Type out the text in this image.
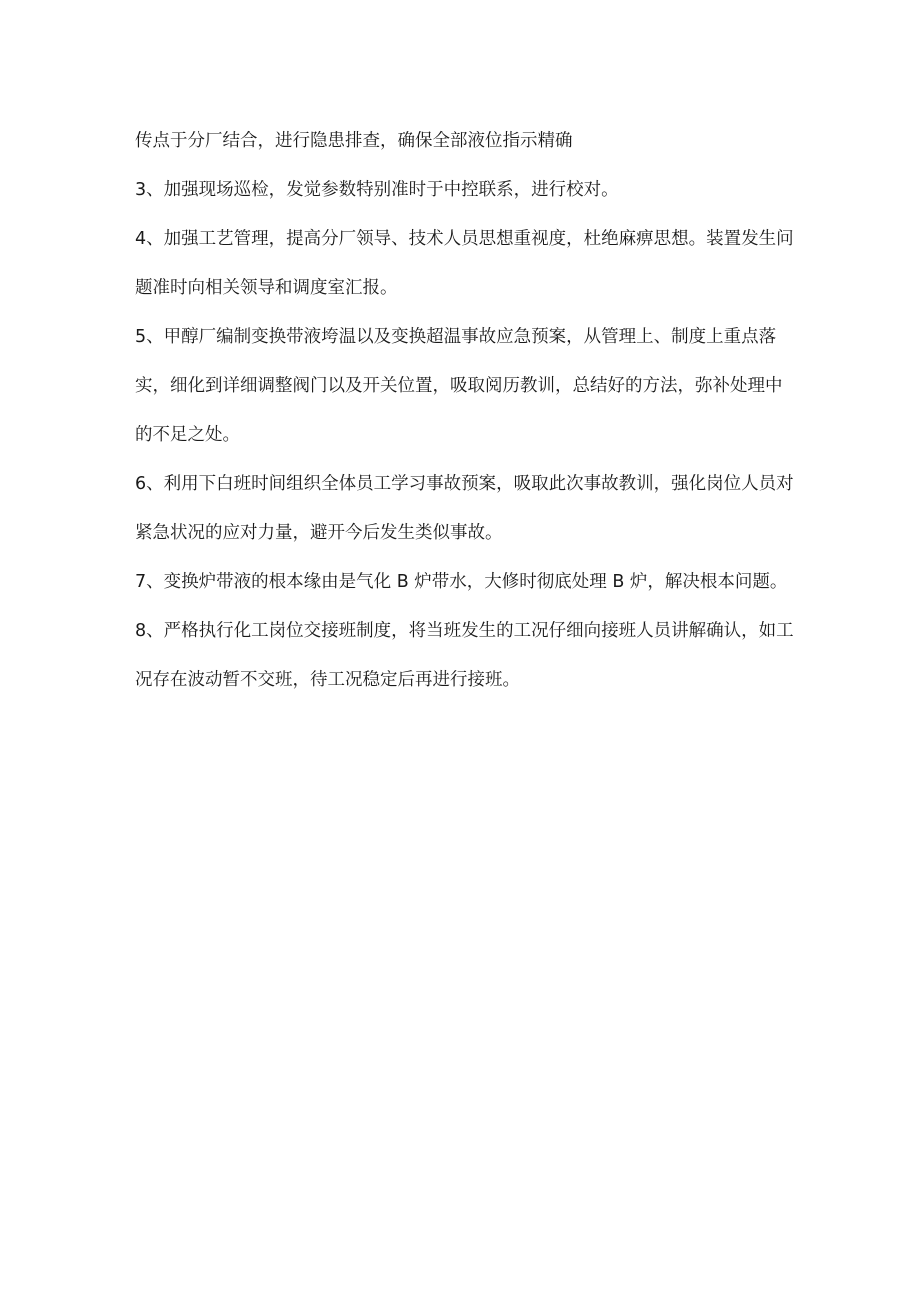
传点于分厂结合，进行隐患排查，确保全部液位指示精确

3、加强现场巡检，发觉参数特别准时于中控联系，进行校对。

4、加强工艺管理，提高分厂领导、技术人员思想重视度，杜绝麻痹思想。装置发生问题准时向相关领导和调度室汇报。

5、甲醇厂编制变换带液垮温以及变换超温事故应急预案，从管理上、制度上重点落实，细化到详细调整阀门以及开关位置，吸取阅历教训，总结好的方法，弥补处理中的不足之处。

6、利用下白班时间组织全体员工学习事故预案，吸取此次事故教训，强化岗位人员对紧急状况的应对力量，避开今后发生类似事故。

7、变换炉带液的根本缘由是气化 B 炉带水，大修时彻底处理 B 炉，解决根本问题。

8、严格执行化工岗位交接班制度，将当班发生的工况仔细向接班人员讲解确认，如工况存在波动暂不交班，待工况稳定后再进行接班。
